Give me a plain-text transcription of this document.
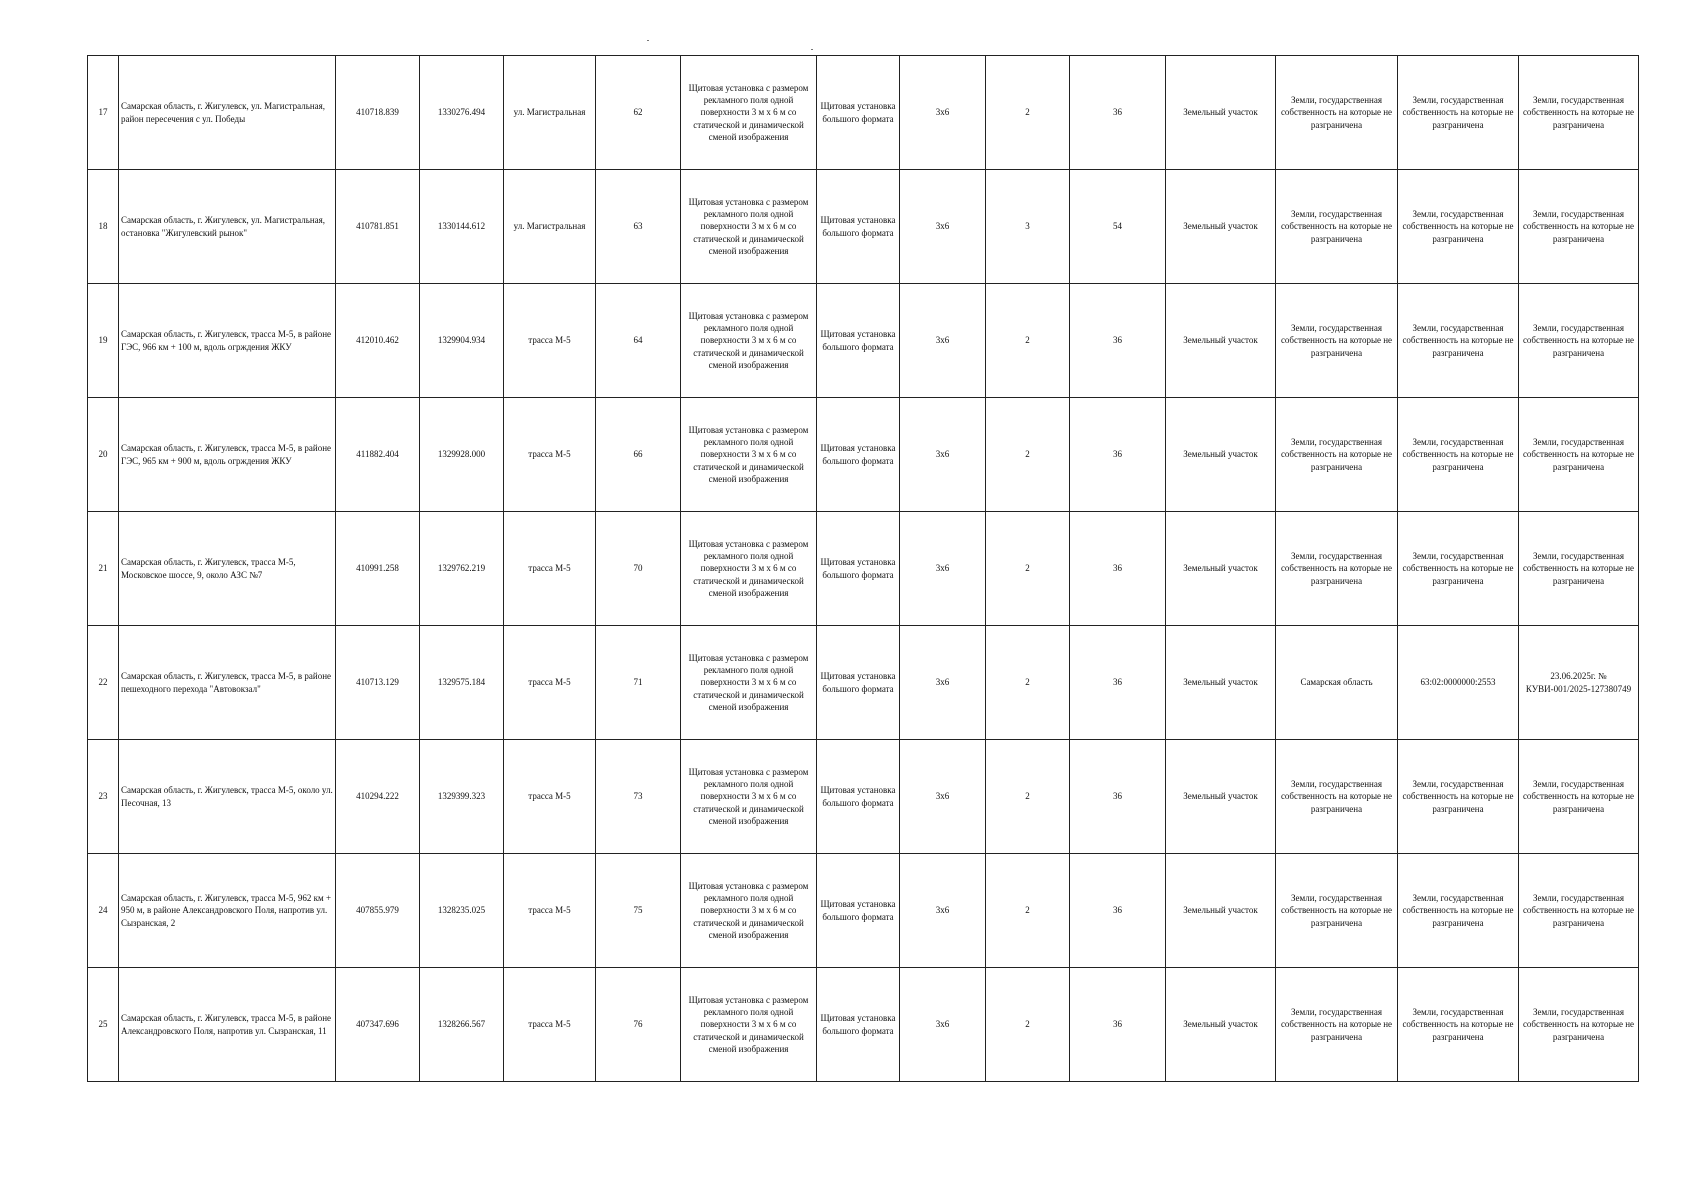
17	Самарская область, г. Жигулевск, ул. Магистральная, район пересечения с ул. Победы	410718.839	1330276.494	ул. Магистральная	62	Щитовая установка с размером рекламного поля одной поверхности 3 м х 6 м со статической и динамической сменой изображения	Щитовая установка большого формата	3х6	2	36	Земельный участок	Земли, государственная собственность на которые не разграничена	Земли, государственная собственность на которые не разграничена	Земли, государственная собственность на которые не разграничена
18	Самарская область, г. Жигулевск, ул. Магистральная, остановка "Жигулевский рынок"	410781.851	1330144.612	ул. Магистральная	63	Щитовая установка с размером рекламного поля одной поверхности 3 м х 6 м со статической и динамической сменой изображения	Щитовая установка большого формата	3х6	3	54	Земельный участок	Земли, государственная собственность на которые не разграничена	Земли, государственная собственность на которые не разграничена	Земли, государственная собственность на которые не разграничена
19	Самарская область, г. Жигулевск, трасса М-5, в районе ГЭС, 966 км + 100 м, вдоль огрждения ЖКУ	412010.462	1329904.934	трасса М-5	64	Щитовая установка с размером рекламного поля одной поверхности 3 м х 6 м со статической и динамической сменой изображения	Щитовая установка большого формата	3х6	2	36	Земельный участок	Земли, государственная собственность на которые не разграничена	Земли, государственная собственность на которые не разграничена	Земли, государственная собственность на которые не разграничена
20	Самарская область, г. Жигулевск, трасса М-5, в районе ГЭС, 965 км + 900 м, вдоль огрждения ЖКУ	411882.404	1329928.000	трасса М-5	66	Щитовая установка с размером рекламного поля одной поверхности 3 м х 6 м со статической и динамической сменой изображения	Щитовая установка большого формата	3х6	2	36	Земельный участок	Земли, государственная собственность на которые не разграничена	Земли, государственная собственность на которые не разграничена	Земли, государственная собственность на которые не разграничена
21	Самарская область, г. Жигулевск, трасса М-5, Московское шоссе, 9, около АЗС №7	410991.258	1329762.219	трасса М-5	70	Щитовая установка с размером рекламного поля одной поверхности 3 м х 6 м со статической и динамической сменой изображения	Щитовая установка большого формата	3х6	2	36	Земельный участок	Земли, государственная собственность на которые не разграничена	Земли, государственная собственность на которые не разграничена	Земли, государственная собственность на которые не разграничена
22	Самарская область, г. Жигулевск, трасса М-5, в районе пешеходного перехода "Автовокзал"	410713.129	1329575.184	трасса М-5	71	Щитовая установка с размером рекламного поля одной поверхности 3 м х 6 м со статической и динамической сменой изображения	Щитовая установка большого формата	3х6	2	36	Земельный участок	Самарская область	63:02:0000000:2553	23.06.2025г. № КУВИ-001/2025-127380749
23	Самарская область, г. Жигулевск, трасса М-5, около ул. Песочная, 13	410294.222	1329399.323	трасса М-5	73	Щитовая установка с размером рекламного поля одной поверхности 3 м х 6 м со статической и динамической сменой изображения	Щитовая установка большого формата	3х6	2	36	Земельный участок	Земли, государственная собственность на которые не разграничена	Земли, государственная собственность на которые не разграничена	Земли, государственная собственность на которые не разграничена
24	Самарская область, г. Жигулевск, трасса М-5, 962 км + 950 м, в районе Александровского Поля, напротив ул. Сызранская, 2	407855.979	1328235.025	трасса М-5	75	Щитовая установка с размером рекламного поля одной поверхности 3 м х 6 м со статической и динамической сменой изображения	Щитовая установка большого формата	3х6	2	36	Земельный участок	Земли, государственная собственность на которые не разграничена	Земли, государственная собственность на которые не разграничена	Земли, государственная собственность на которые не разграничена
25	Самарская область, г. Жигулевск, трасса М-5, в районе Александровского Поля, напротив ул. Сызранская, 11	407347.696	1328266.567	трасса М-5	76	Щитовая установка с размером рекламного поля одной поверхности 3 м х 6 м со статической и динамической сменой изображения	Щитовая установка большого формата	3х6	2	36	Земельный участок	Земли, государственная собственность на которые не разграничена	Земли, государственная собственность на которые не разграничена	Земли, государственная собственность на которые не разграничена
